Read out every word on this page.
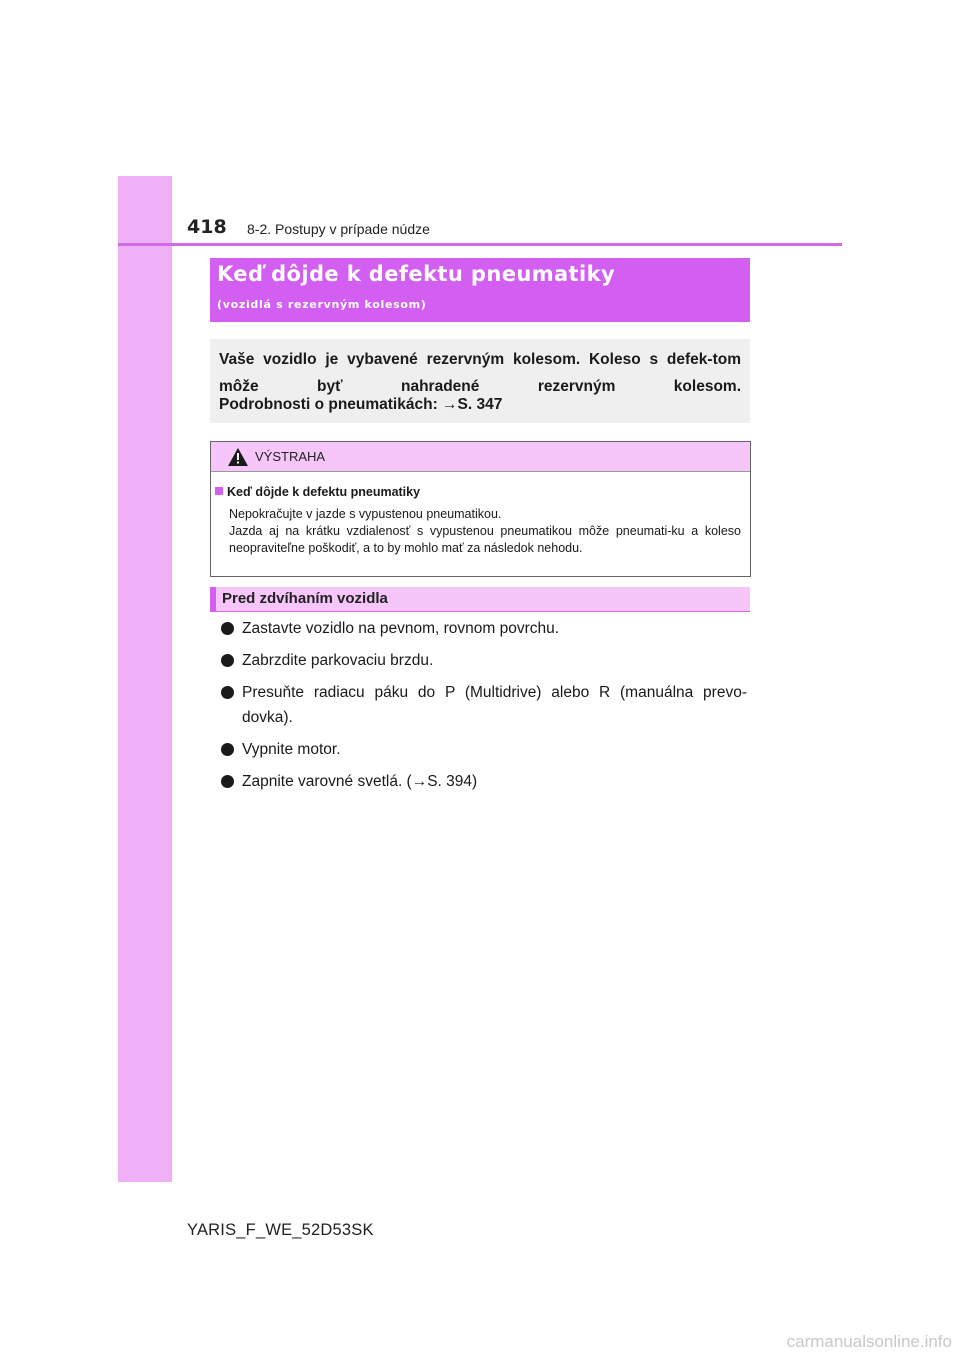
418 8-2. Postupy v prípade núdze
Keď dôjde k defektu pneumatiky
(vozidlá s rezervným kolesom)
Vaše vozidlo je vybavené rezervným kolesom. Koleso s defek-tom môže byť nahradené rezervným kolesom.
Podrobnosti o pneumatikách: →S. 347
VÝSTRAHA
Keď dôjde k defektu pneumatiky
Nepokračujte v jazde s vypustenou pneumatikou.
Jazda aj na krátku vzdialenosť s vypustenou pneumatikou môže pneumati-ku a koleso neopraviteľne poškodiť, a to by mohlo mať za následok nehodu.
Pred zdvíhaním vozidla
Zastavte vozidlo na pevnom, rovnom povrchu.
Zabrzdite parkovaciu brzdu.
Presuňte radiacu páku do P (Multidrive) alebo R (manuálna prevo-dovka).
Vypnite motor.
Zapnite varovné svetlá. (→S. 394)
YARIS_F_WE_52D53SK
carmanualsonline.info
